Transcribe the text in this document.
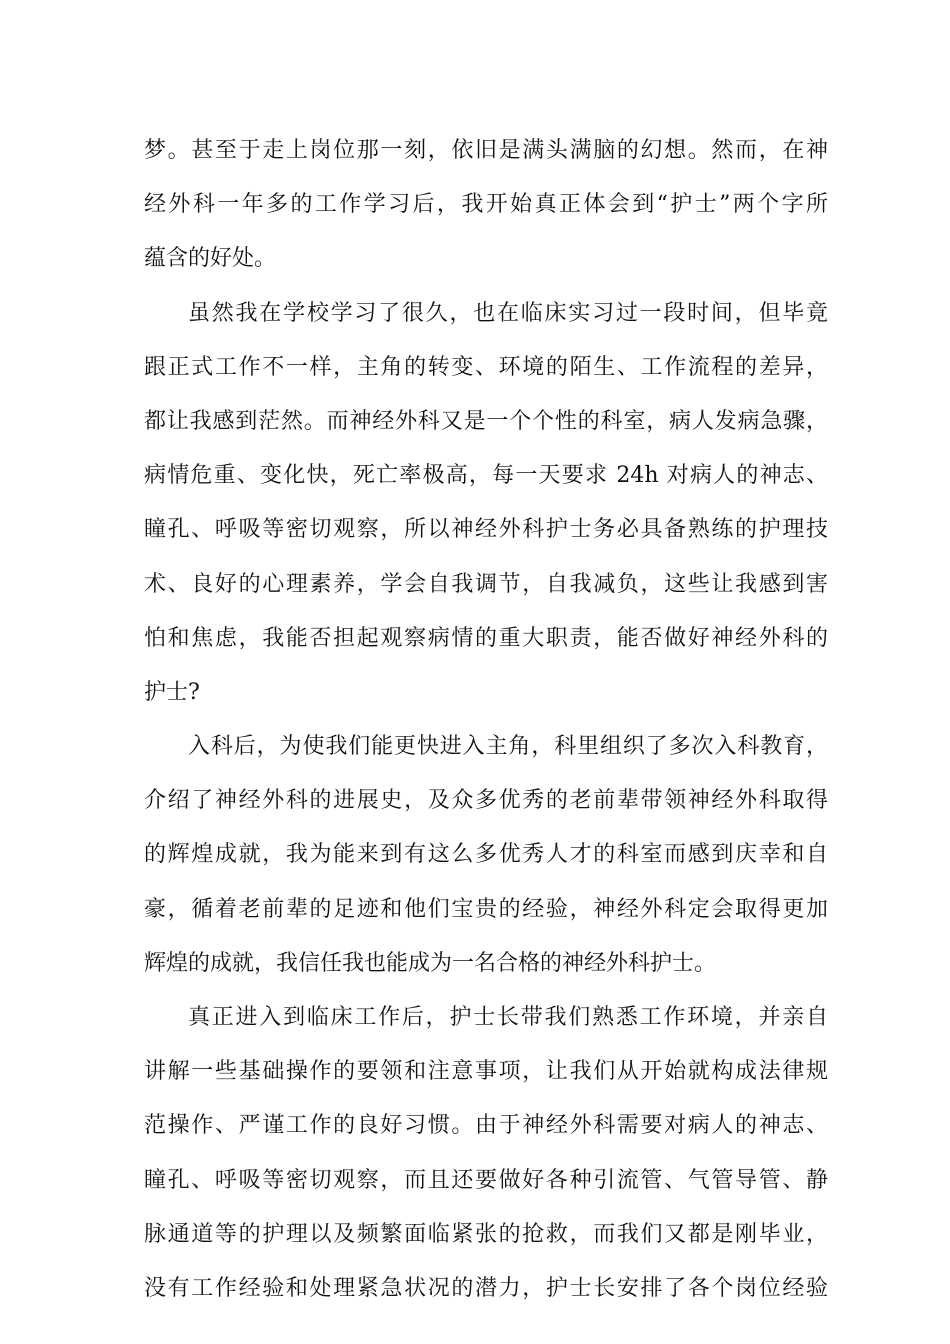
梦。甚至于走上岗位那一刻，依旧是满头满脑的幻想。然而，在神
经外科一年多的工作学习后，我开始真正体会到“护士”两个字所
蕴含的好处。
虽然我在学校学习了很久，也在临床实习过一段时间，但毕竟
跟正式工作不一样，主角的转变、环境的陌生、工作流程的差异，
都让我感到茫然。而神经外科又是一个个性的科室，病人发病急骤，
病情危重、变化快，死亡率极高，每一天要求 24h 对病人的神志、
瞳孔、呼吸等密切观察，所以神经外科护士务必具备熟练的护理技
术、良好的心理素养，学会自我调节，自我减负，这些让我感到害
怕和焦虑，我能否担起观察病情的重大职责，能否做好神经外科的
护士?
入科后，为使我们能更快进入主角，科里组织了多次入科教育，
介绍了神经外科的进展史，及众多优秀的老前辈带领神经外科取得
的辉煌成就，我为能来到有这么多优秀人才的科室而感到庆幸和自
豪，循着老前辈的足迹和他们宝贵的经验，神经外科定会取得更加
辉煌的成就，我信任我也能成为一名合格的神经外科护士。
真正进入到临床工作后，护士长带我们熟悉工作环境，并亲自
讲解一些基础操作的要领和注意事项，让我们从开始就构成法律规
范操作、严谨工作的良好习惯。由于神经外科需要对病人的神志、
瞳孔、呼吸等密切观察，而且还要做好各种引流管、气管导管、静
脉通道等的护理以及频繁面临紧张的抢救，而我们又都是刚毕业，
没有工作经验和处理紧急状况的潜力，护士长安排了各个岗位经验
